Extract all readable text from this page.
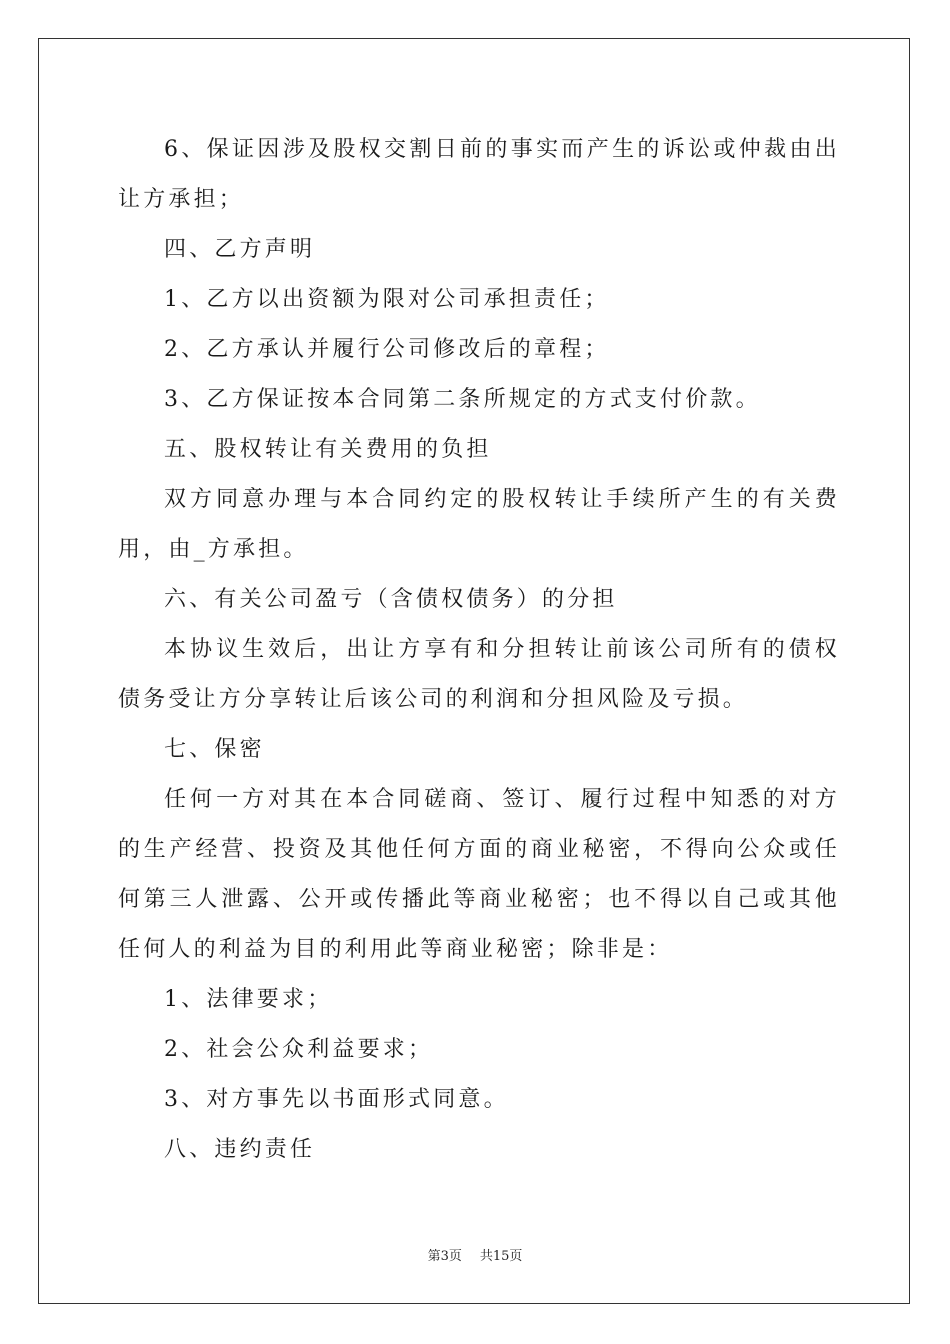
6、保证因涉及股权交割日前的事实而产生的诉讼或仲裁由出让方承担；

四、乙方声明

1、乙方以出资额为限对公司承担责任；

2、乙方承认并履行公司修改后的章程；

3、乙方保证按本合同第二条所规定的方式支付价款。

五、股权转让有关费用的负担

双方同意办理与本合同约定的股权转让手续所产生的有关费用，由_方承担。

六、有关公司盈亏（含债权债务）的分担

本协议生效后，出让方享有和分担转让前该公司所有的债权债务受让方分享转让后该公司的利润和分担风险及亏损。

七、保密

任何一方对其在本合同磋商、签订、履行过程中知悉的对方的生产经营、投资及其他任何方面的商业秘密，不得向公众或任何第三人泄露、公开或传播此等商业秘密；也不得以自己或其他任何人的利益为目的利用此等商业秘密；除非是：

1、法律要求；

2、社会公众利益要求；

3、对方事先以书面形式同意。

八、违约责任

第3页 共15页
